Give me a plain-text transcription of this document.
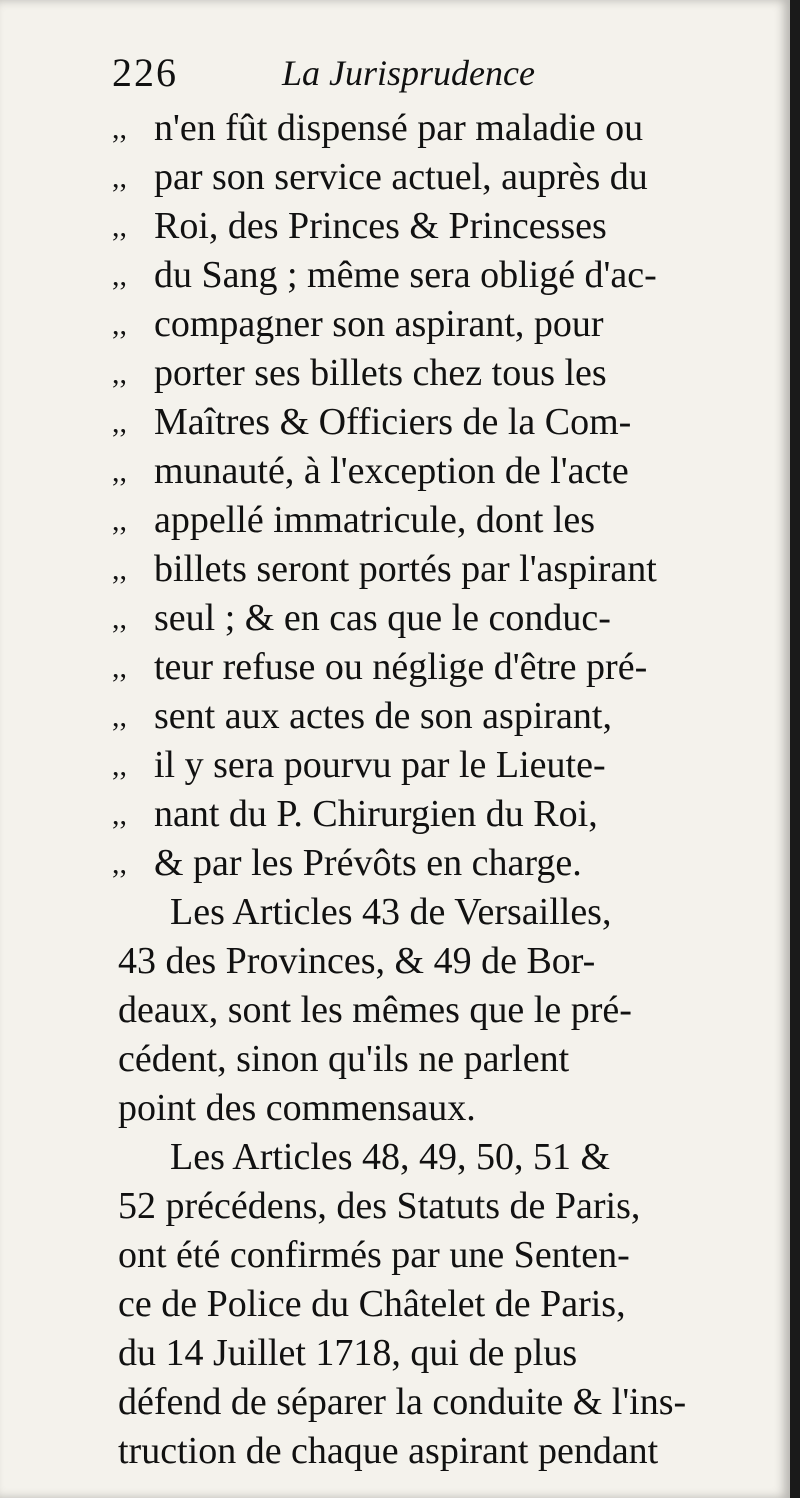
226	La Jurisprudence
,, n'en fût dispensé par maladie ou
,, par son service actuel, auprès du
,, Roi, des Princes & Princesses
,, du Sang ; même sera obligé d'ac-
,, compagner son aspirant, pour
,, porter ses billets chez tous les
,, Maîtres & Officiers de la Com-
,, munauté, à l'exception de l'acte
,, appellé immatricule, dont les
,, billets seront portés par l'aspirant
,, seul ; & en cas que le conduc-
,, teur refuse ou néglige d'être pré-
,, sent aux actes de son aspirant,
,, il y sera pourvu par le Lieute-
,, nant du P. Chirurgien du Roi,
,, & par les Prévôts en charge.
Les Articles 43 de Versailles,
43 des Provinces, & 49 de Bor-
deaux, sont les mêmes que le pré-
cédent, sinon qu'ils ne parlent
point des commensaux.
Les Articles 48, 49, 50, 51 &
52 précédens, des Statuts de Paris,
ont été confirmés par une Senten-
ce de Police du Châtelet de Paris,
du 14 Juillet 1718, qui de plus
défend de séparer la conduite & l'ins-
truction de chaque aspirant pendant
